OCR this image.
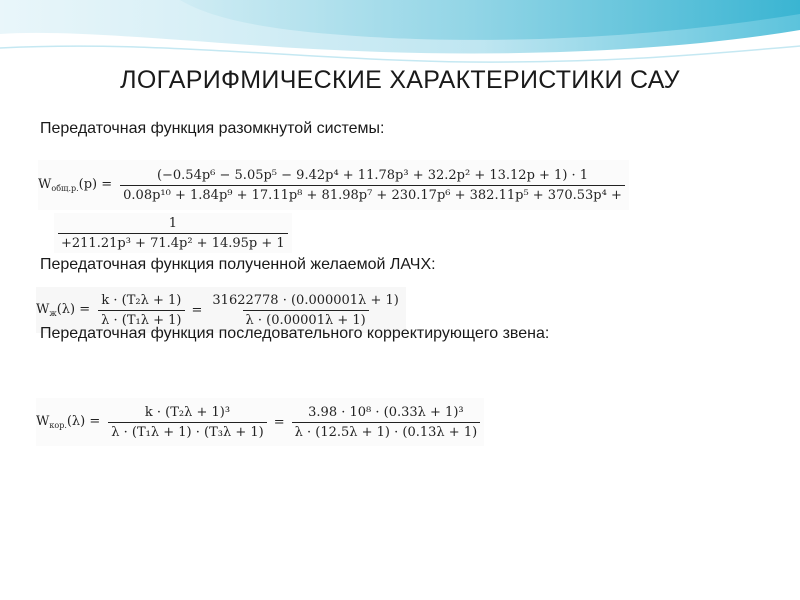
ЛОГАРИФМИЧЕСКИЕ ХАРАКТЕРИСТИКИ САУ
Передаточная функция разомкнутой системы:
$W_{общ.р.}(p)$ =
(−0.54p⁶ − 5.05p⁵ − 9.42p⁴ + 11.78p³ + 32.2p² + 13.12p + 1) · 1
0.08p¹⁰ + 1.84p⁹ + 17.11p⁸ + 81.98p⁷ + 230.17p⁶ + 382.11p⁵ + 370.53p⁴ +
$\frac{1}{\text{+211.21p³ + 71.4p² + 14.95p + 1}}$
Передаточная функция полученной желаемой ЛАЧХ:
$W_ж(\lambda) = \frac{\text{k · (T₂λ + 1)}}{\text{λ · (T₁λ + 1)}} = \frac{31622778 \cdot (0.000001\lambda + 1)}{\lambda \cdot (0.00001\lambda + 1)}$
Передаточная функция последовательного корректирующего звена:
$W_{кор.}(\lambda) = \frac{\text{k · (T₂λ + 1)³}}{\text{λ · (T₁λ + 1) · (T₃λ + 1)}} = \frac{\text{3.98 · 10⁸ · (0.33λ + 1)³}}{\lambda \cdot (12.5\lambda + 1) \cdot (0.13\lambda + 1)}$
